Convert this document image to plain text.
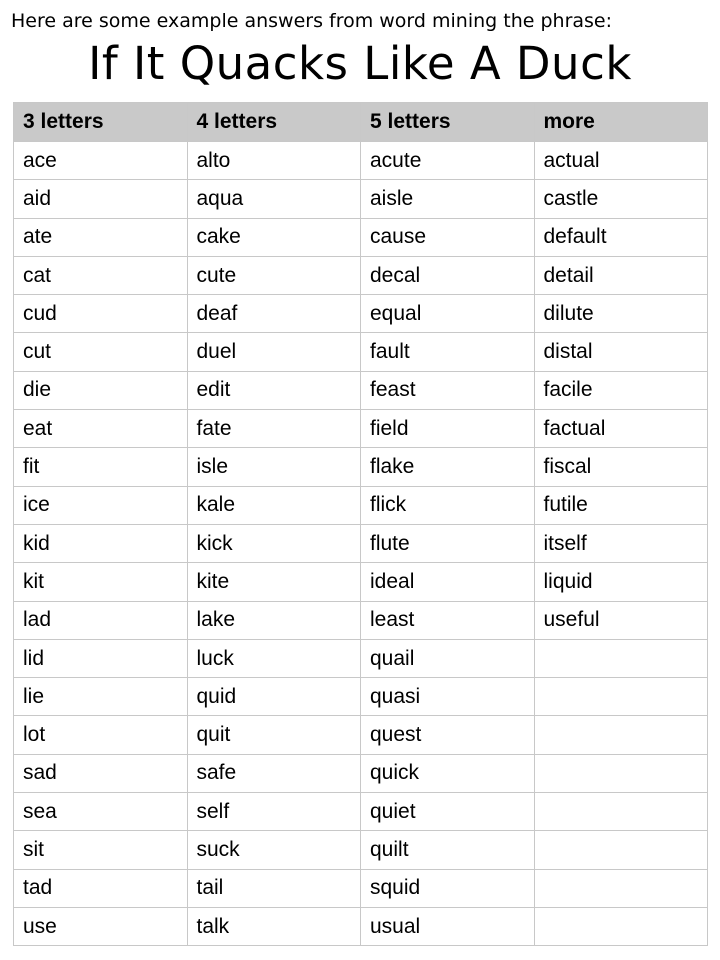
Here are some example answers from word mining the phrase:
If It Quacks Like A Duck
3 letters	4 letters	5 letters	more
ace	alto	acute	actual
aid	aqua	aisle	castle
ate	cake	cause	default
cat	cute	decal	detail
cud	deaf	equal	dilute
cut	duel	fault	distal
die	edit	feast	facile
eat	fate	field	factual
fit	isle	flake	fiscal
ice	kale	flick	futile
kid	kick	flute	itself
kit	kite	ideal	liquid
lad	lake	least	useful
lid	luck	quail	
lie	quid	quasi	
lot	quit	quest	
sad	safe	quick	
sea	self	quiet	
sit	suck	quilt	
tad	tail	squid	
use	talk	usual	
